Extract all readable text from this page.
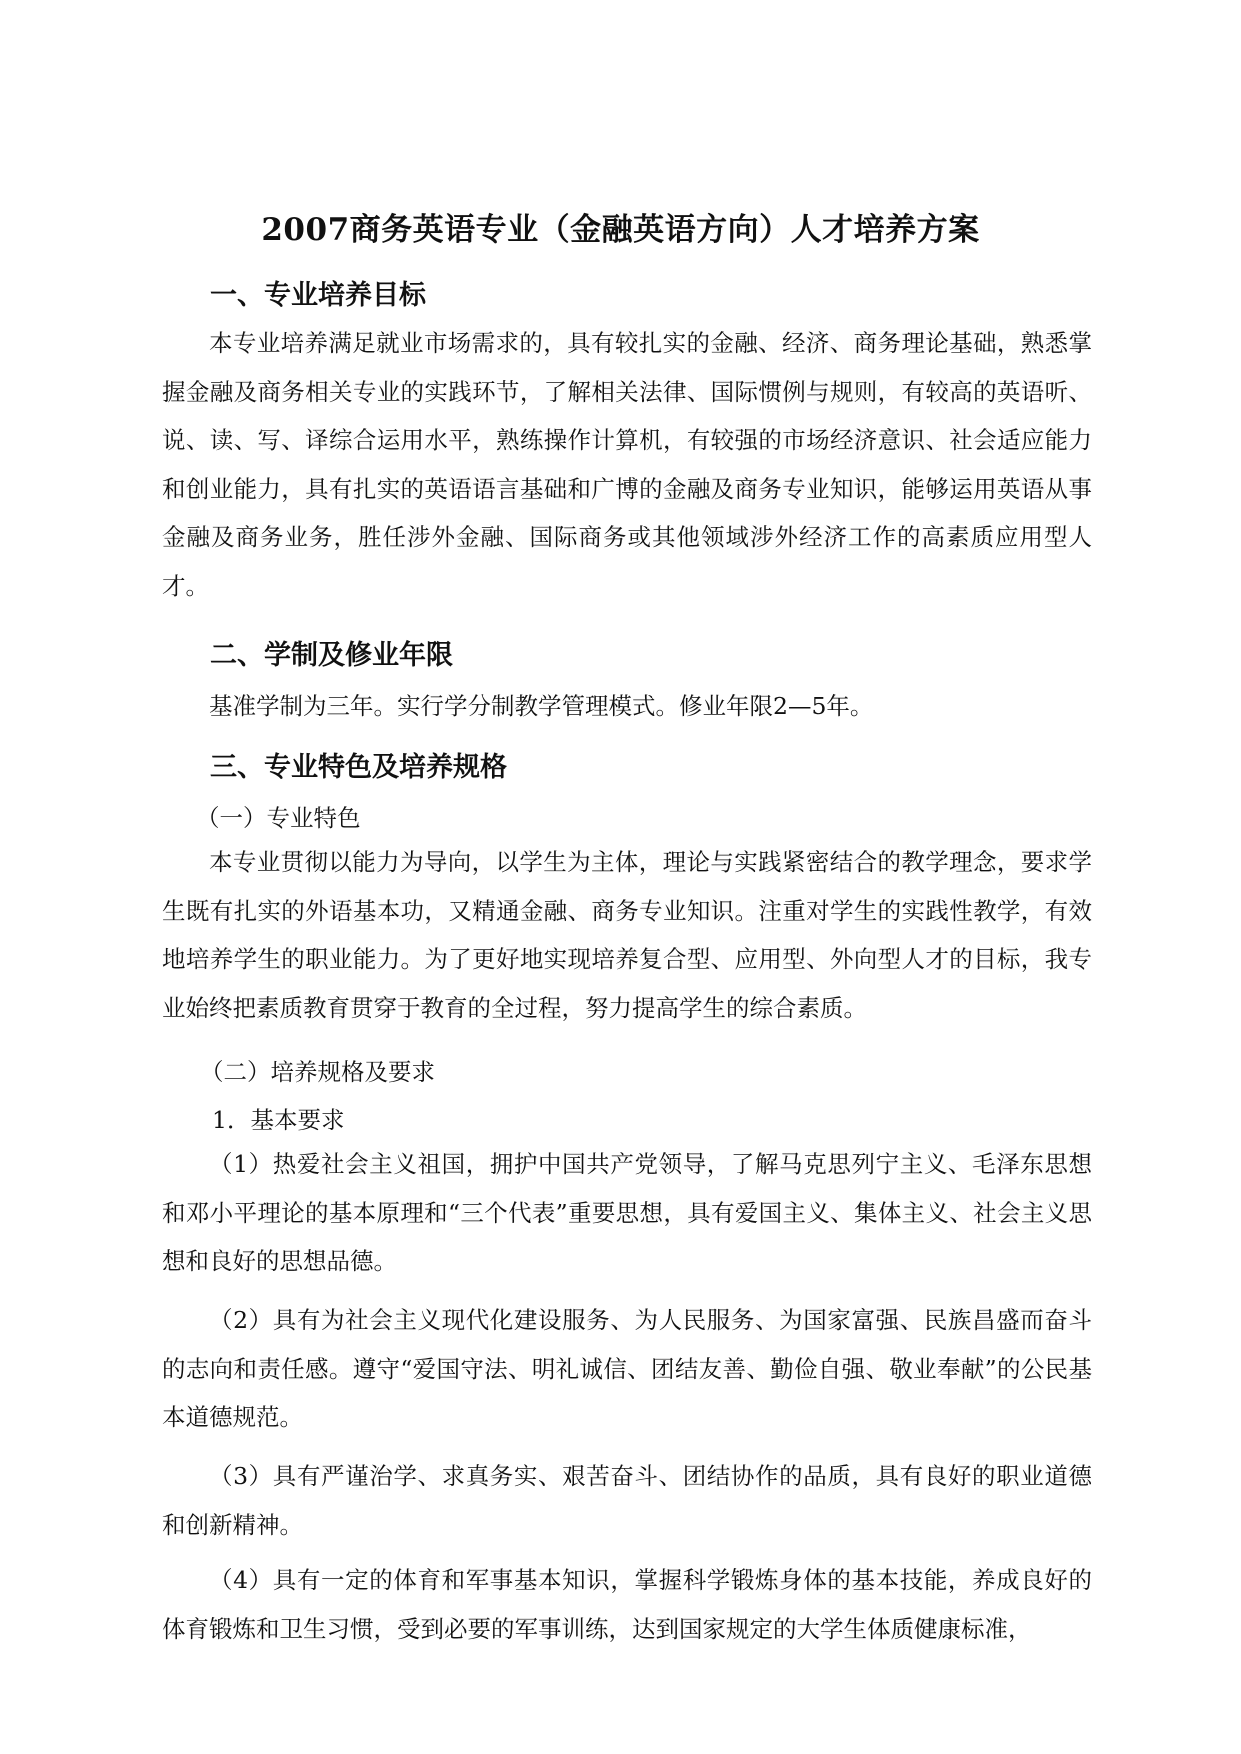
2007商务英语专业（金融英语方向）人才培养方案
一、专业培养目标

本专业培养满足就业市场需求的，具有较扎实的金融、经济、商务理论基础，熟悉掌握金融及商务相关专业的实践环节，了解相关法律、国际惯例与规则，有较高的英语听、说、读、写、译综合运用水平，熟练操作计算机，有较强的市场经济意识、社会适应能力和创业能力，具有扎实的英语语言基础和广博的金融及商务专业知识，能够运用英语从事金融及商务业务，胜任涉外金融、国际商务或其他领域涉外经济工作的高素质应用型人才。

二、学制及修业年限

基准学制为三年。实行学分制教学管理模式。修业年限2—5年。

三、专业特色及培养规格

（一）专业特色

本专业贯彻以能力为导向，以学生为主体，理论与实践紧密结合的教学理念，要求学生既有扎实的外语基本功，又精通金融、商务专业知识。注重对学生的实践性教学，有效地培养学生的职业能力。为了更好地实现培养复合型、应用型、外向型人才的目标，我专业始终把素质教育贯穿于教育的全过程，努力提高学生的综合素质。

（二）培养规格及要求

1．基本要求

（1）热爱社会主义祖国，拥护中国共产党领导，了解马克思列宁主义、毛泽东思想和邓小平理论的基本原理和“三个代表”重要思想，具有爱国主义、集体主义、社会主义思想和良好的思想品德。

（2）具有为社会主义现代化建设服务、为人民服务、为国家富强、民族昌盛而奋斗的志向和责任感。遵守“爱国守法、明礼诚信、团结友善、勤俭自强、敬业奉献”的公民基本道德规范。

（3）具有严谨治学、求真务实、艰苦奋斗、团结协作的品质，具有良好的职业道德和创新精神。

（4）具有一定的体育和军事基本知识，掌握科学锻炼身体的基本技能，养成良好的体育锻炼和卫生习惯，受到必要的军事训练，达到国家规定的大学生体质健康标准，
